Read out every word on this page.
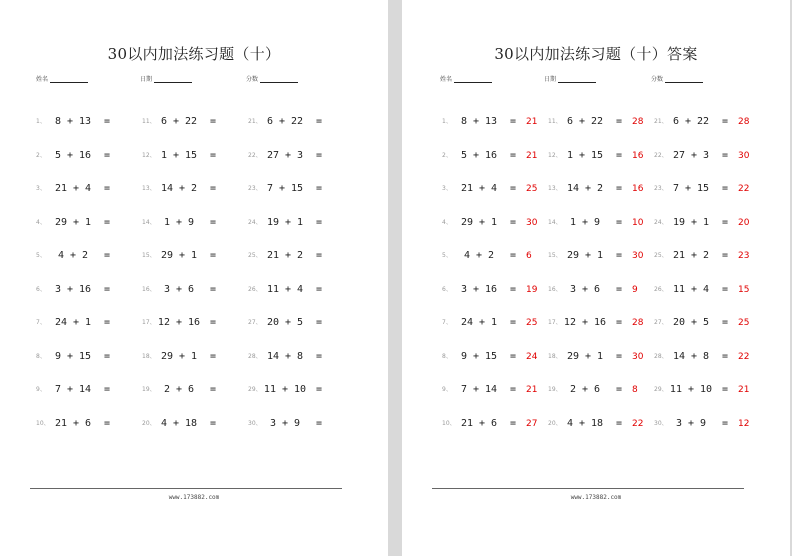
30以内加法练习题（十）
姓名	日期	分数
1、 8 + 13	=
2、 5 + 16	=
3、 21 + 4	=
4、 29 + 1	=
5、	4 + 2	=
6、 3 + 16	=
7、 24 + 1	=
8、 9 + 15	=
9、 7 + 14	=
10、 21 + 6	=
11、 6 + 22	=
12、 1 + 15	=
13、 14 + 2	=
14、 1 + 9	=
15、 29 + 1	=
16、 3 + 6	=
17、 12 + 16 =
18、 29 + 1	=
19、 2 + 6	=
20、 4 + 18	=
21、 6 + 22	=
22、 27 + 3	=
23、 7 + 15	=
24、 19 + 1	=
25、 21 + 2	=
26、 11 + 4	=
27、 20 + 5	=
28、 14 + 8	=
29、 11 + 10 =
30、 3 + 9	=
www.173882.com
30以内加法练习题（十）答案
姓名	日期	分数
1、 8 + 13	= 21
2、 5 + 16	= 21
3、 21 + 4	= 25
4、 29 + 1	= 30
5、	4 + 2	= 6
6、 3 + 16	= 19
7、 24 + 1	= 25
8、 9 + 15	= 24
9、 7 + 14	= 21
10、 21 + 6	= 27
11、 6 + 22	= 28
12、 1 + 15	= 16
13、 14 + 2	= 16
14、 1 + 9	= 10
15、 29 + 1	= 30
16、 3 + 6	= 9
17、 12 + 16 = 28
18、 29 + 1	= 30
19、 2 + 6	= 8
20、 4 + 18	= 22
21、 6 + 22	= 28
22、 27 + 3	= 30
23、 7 + 15	= 22
24、 19 + 1	= 20
25、 21 + 2	= 23
26、 11 + 4	= 15
27、 20 + 5	= 25
28、 14 + 8	= 22
29、 11 + 10 = 21
30、 3 + 9	= 12
www.173882.com
